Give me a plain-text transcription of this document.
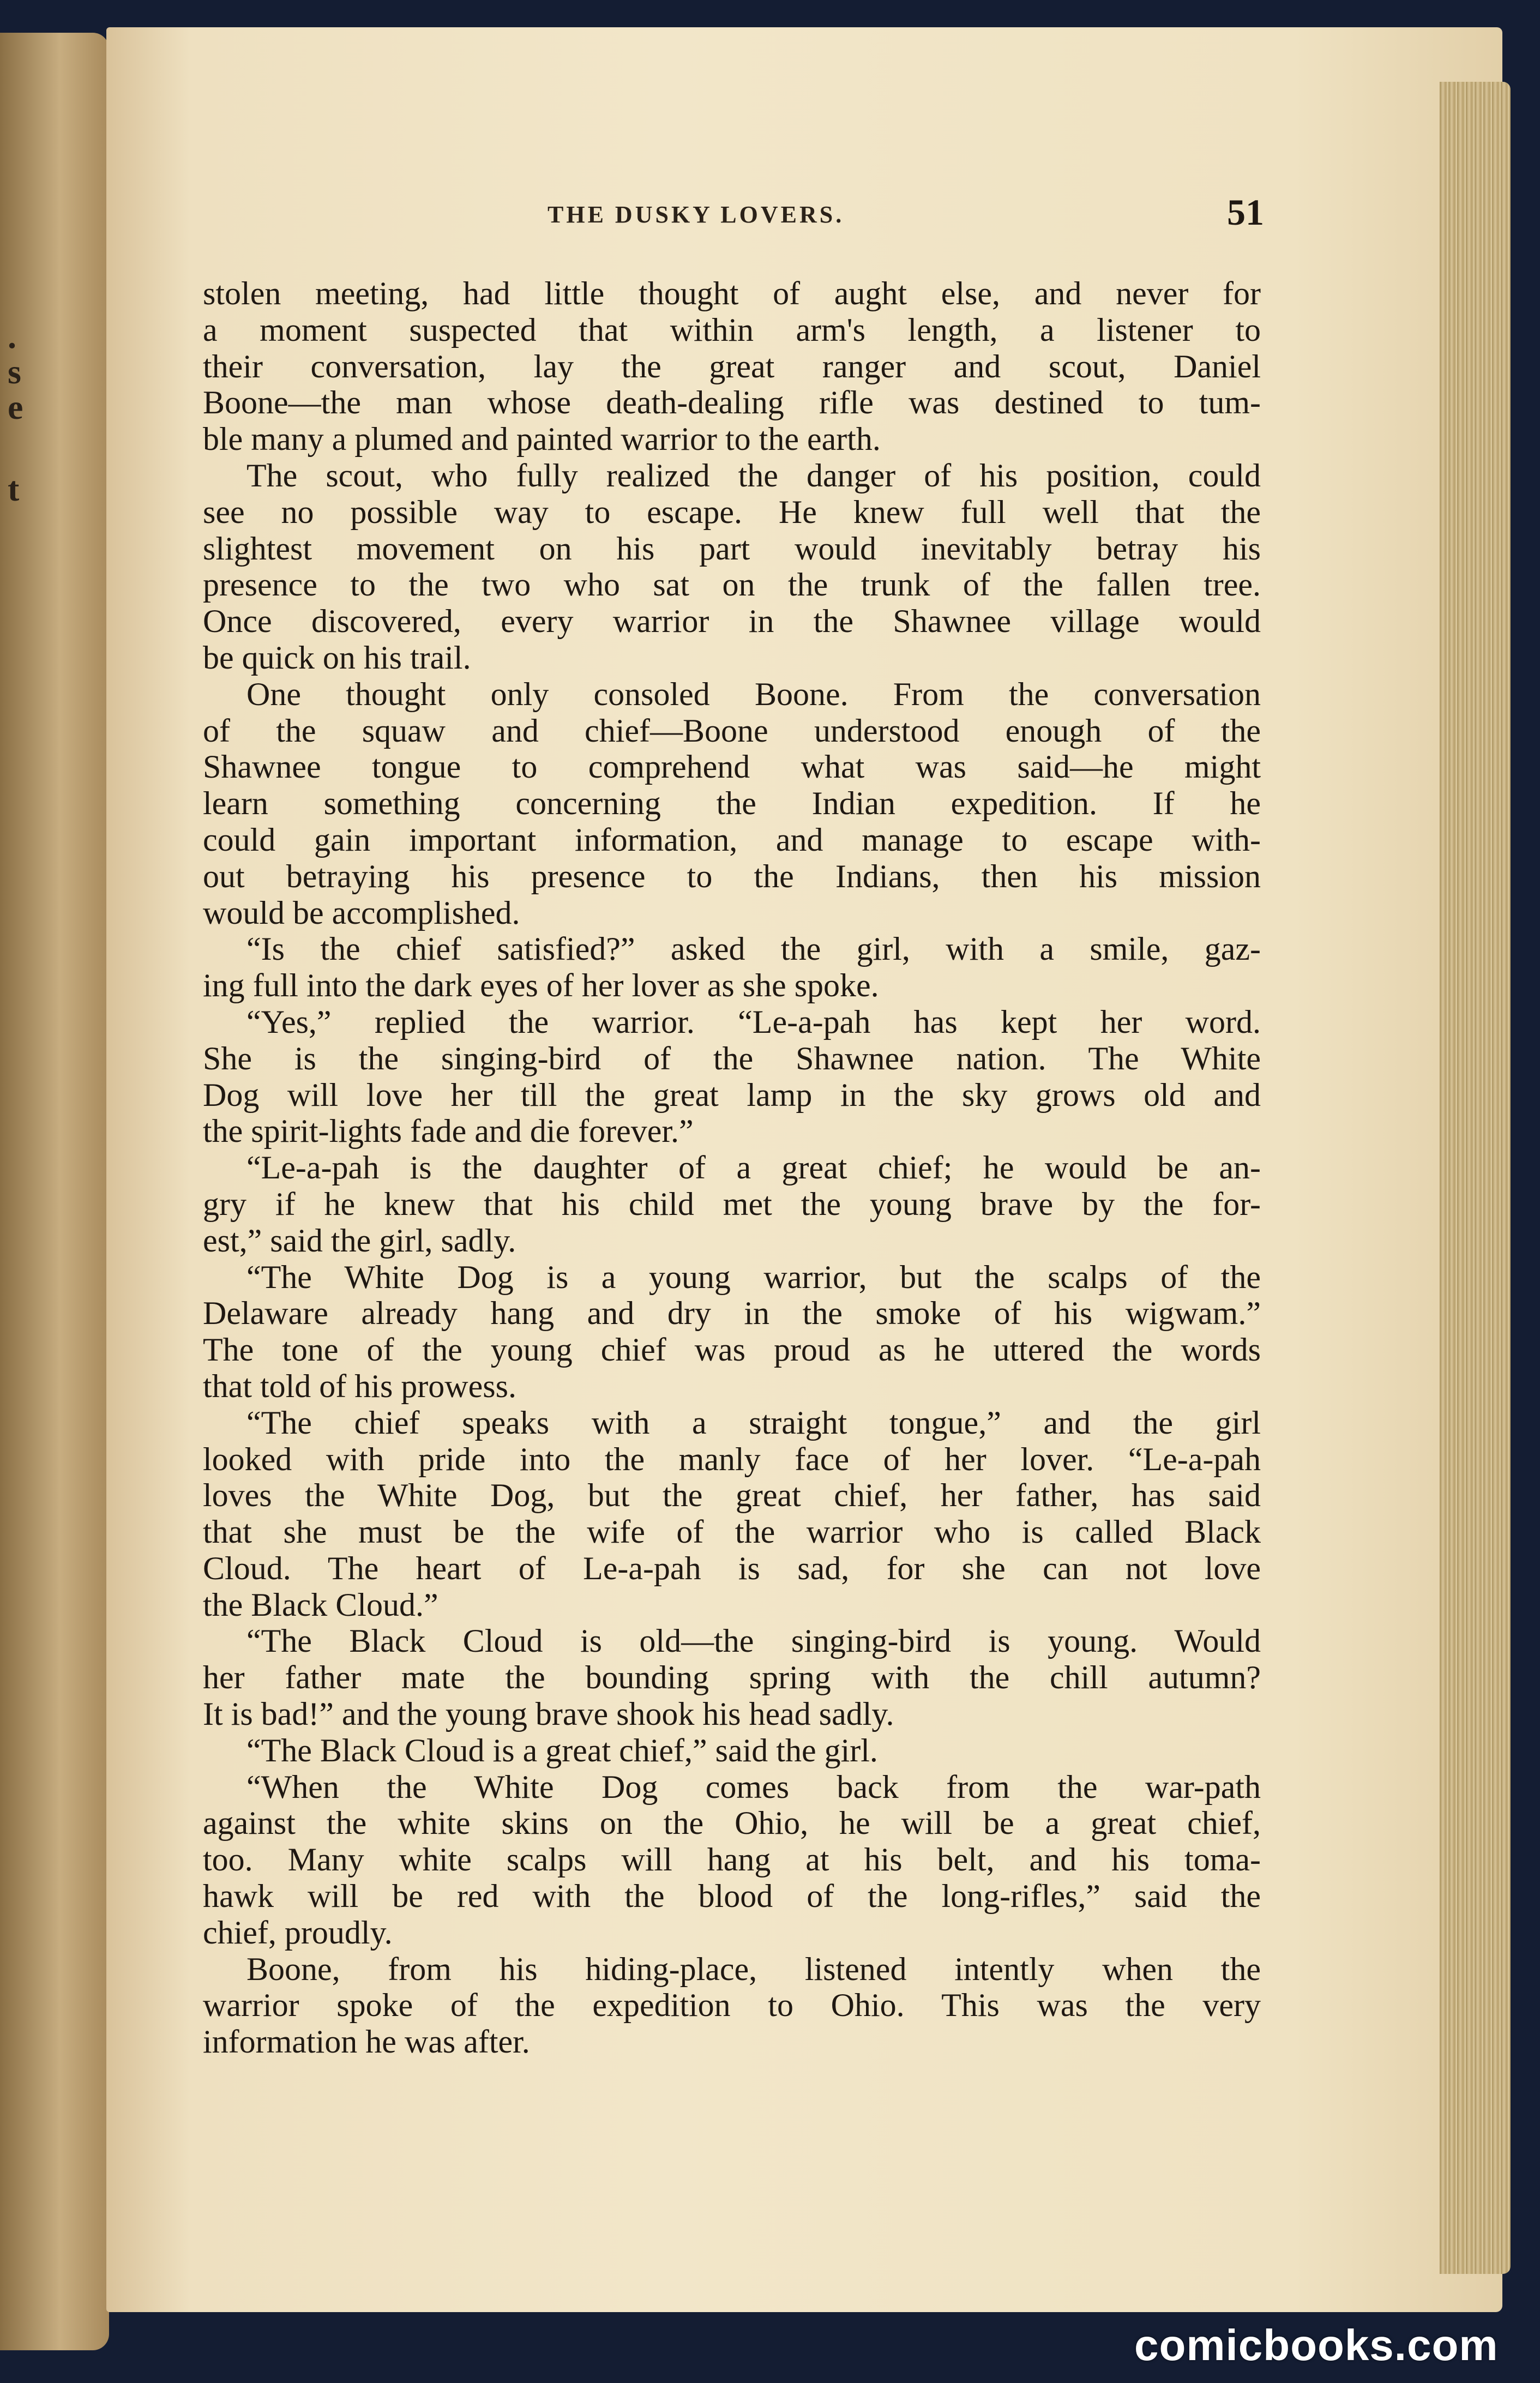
.
s
e
t
THE DUSKY LOVERS.	51
stolen meeting, had little thought of aught else, and never for
a moment suspected that within arm's length, a listener to
their conversation, lay the great ranger and scout, Daniel
Boone—the man whose death-dealing rifle was destined to tum-
ble many a plumed and painted warrior to the earth.
The scout, who fully realized the danger of his position, could
see no possible way to escape. He knew full well that the
slightest movement on his part would inevitably betray his
presence to the two who sat on the trunk of the fallen tree.
Once discovered, every warrior in the Shawnee village would
be quick on his trail.
One thought only consoled Boone. From the conversation
of the squaw and chief—Boone understood enough of the
Shawnee tongue to comprehend what was said—he might
learn something concerning the Indian expedition. If he
could gain important information, and manage to escape with-
out betraying his presence to the Indians, then his mission
would be accomplished.
“Is the chief satisfied?” asked the girl, with a smile, gaz-
ing full into the dark eyes of her lover as she spoke.
“Yes,” replied the warrior. “Le-a-pah has kept her word.
She is the singing-bird of the Shawnee nation. The White
Dog will love her till the great lamp in the sky grows old and
the spirit-lights fade and die forever.”
“Le-a-pah is the daughter of a great chief; he would be an-
gry if he knew that his child met the young brave by the for-
est,” said the girl, sadly.
“The White Dog is a young warrior, but the scalps of the
Delaware already hang and dry in the smoke of his wigwam.”
The tone of the young chief was proud as he uttered the words
that told of his prowess.
“The chief speaks with a straight tongue,” and the girl
looked with pride into the manly face of her lover. “Le-a-pah
loves the White Dog, but the great chief, her father, has said
that she must be the wife of the warrior who is called Black
Cloud. The heart of Le-a-pah is sad, for she can not love
the Black Cloud.”
“The Black Cloud is old—the singing-bird is young. Would
her father mate the bounding spring with the chill autumn?
It is bad!” and the young brave shook his head sadly.
“The Black Cloud is a great chief,” said the girl.
“When the White Dog comes back from the war-path
against the white skins on the Ohio, he will be a great chief,
too. Many white scalps will hang at his belt, and his toma-
hawk will be red with the blood of the long-rifles,” said the
chief, proudly.
Boone, from his hiding-place, listened intently when the
warrior spoke of the expedition to Ohio. This was the very
information he was after.
comicbooks.com
